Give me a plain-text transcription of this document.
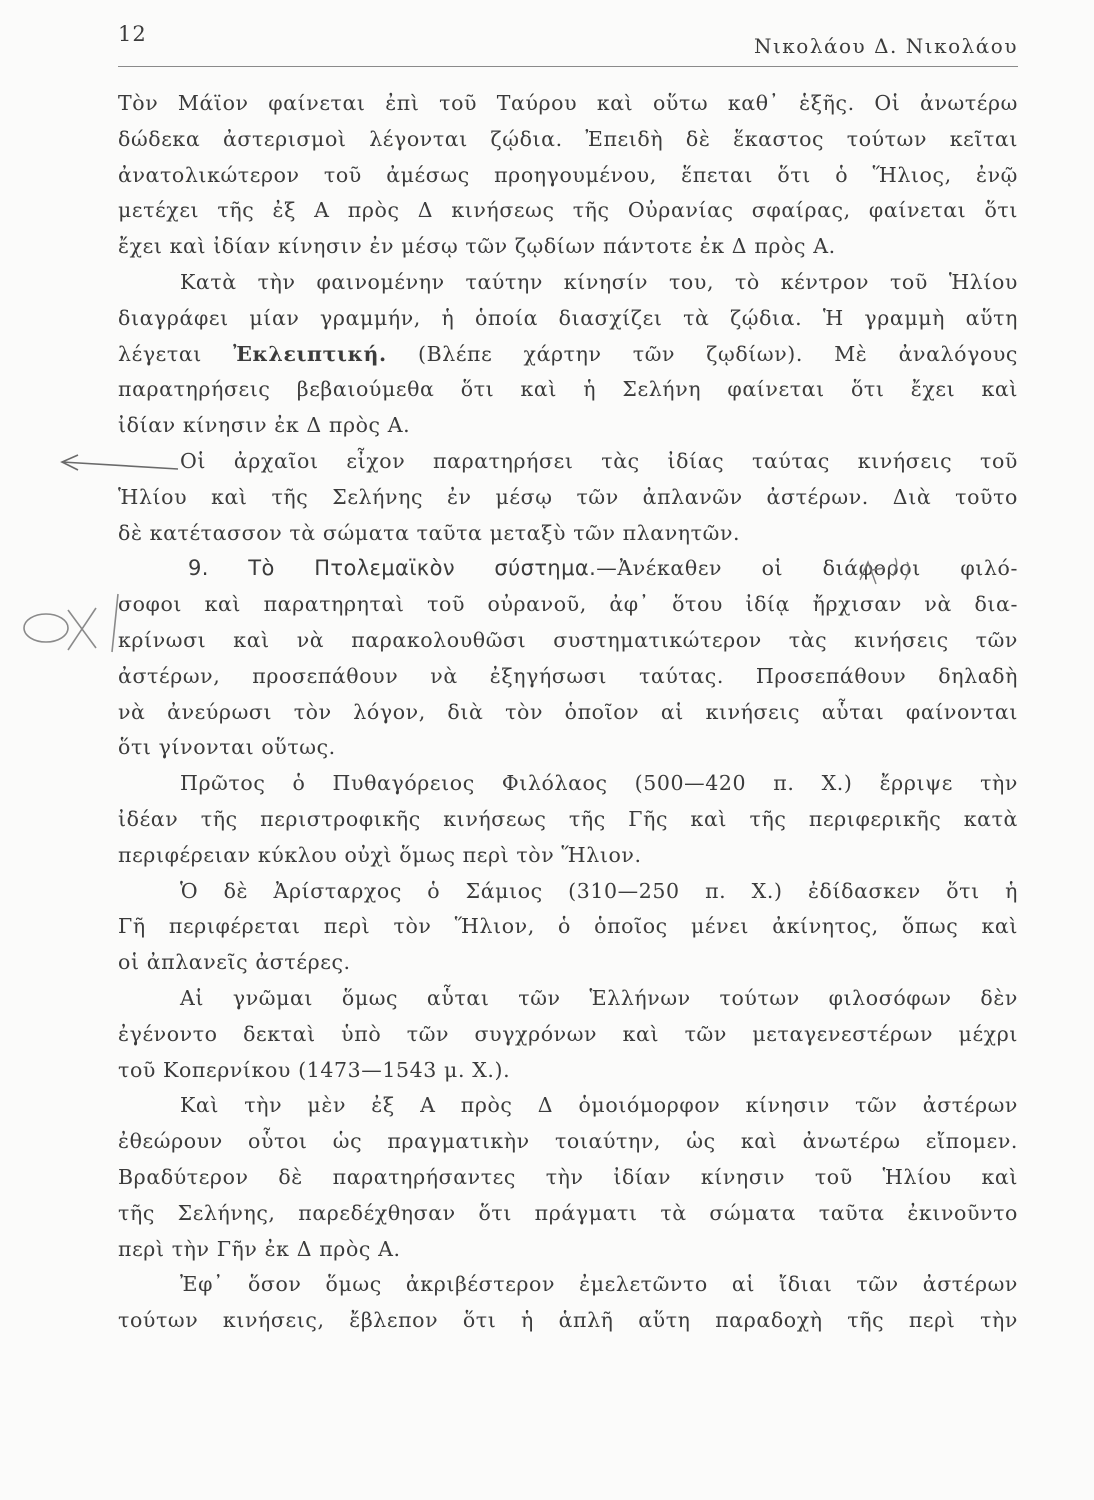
12	Νικολάου Δ. Νικολάου
Τὸν Μάϊον φαίνεται ἐπὶ τοῦ Ταύρου καὶ οὕτω καθ᾽ ἑξῆς. Οἱ ἀνωτέρω
δώδεκα ἀστερισμοὶ λέγονται ζῴδια. Ἐπειδὴ δὲ ἕκαστος τούτων κεῖται
ἀνατολικώτερον τοῦ ἀμέσως προηγουμένου, ἕπεται ὅτι ὁ Ἥλιος, ἐνῷ
μετέχει τῆς ἐξ Α πρὸς Δ κινήσεως τῆς Οὐρανίας σφαίρας, φαίνεται ὅτι
ἔχει καὶ ἰδίαν κίνησιν ἐν μέσῳ τῶν ζῳδίων πάντοτε ἐκ Δ πρὸς Α.
Κατὰ τὴν φαινομένην ταύτην κίνησίν του, τὸ κέντρον τοῦ Ἡλίου
διαγράφει μίαν γραμμήν, ἡ ὁποία διασχίζει τὰ ζῴδια. Ἡ γραμμὴ αὕτη
λέγεται Ἐκλειπτική. (Βλέπε χάρτην τῶν ζῳδίων). Μὲ ἀναλόγους
παρατηρήσεις βεβαιούμεθα ὅτι καὶ ἡ Σελήνη φαίνεται ὅτι ἔχει καὶ
ἰδίαν κίνησιν ἐκ Δ πρὸς Α.
Οἱ ἀρχαῖοι εἶχον παρατηρήσει τὰς ἰδίας ταύτας κινήσεις τοῦ
Ἡλίου καὶ τῆς Σελήνης ἐν μέσῳ τῶν ἀπλανῶν ἀστέρων. Διὰ τοῦτο
δὲ κατέτασσον τὰ σώματα ταῦτα μεταξὺ τῶν πλανητῶν.
9. Τὸ Πτολεμαϊκὸν σύστημα.—Ἀνέκαθεν οἱ διάφοροι φιλό-
σοφοι καὶ παρατηρηταὶ τοῦ οὐρανοῦ, ἀφ᾽ ὅτου ἰδίᾳ ἤρχισαν νὰ δια-
κρίνωσι καὶ νὰ παρακολουθῶσι συστηματικώτερον τὰς κινήσεις τῶν
ἀστέρων, προσεπάθουν νὰ ἐξηγήσωσι ταύτας. Προσεπάθουν δηλαδὴ
νὰ ἀνεύρωσι τὸν λόγον, διὰ τὸν ὁποῖον αἱ κινήσεις αὗται φαίνονται
ὅτι γίνονται οὕτως.
Πρῶτος ὁ Πυθαγόρειος Φιλόλαος (500—420 π. Χ.) ἔρριψε τὴν
ἰδέαν τῆς περιστροφικῆς κινήσεως τῆς Γῆς καὶ τῆς περιφερικῆς κατὰ
περιφέρειαν κύκλου οὐχὶ ὅμως περὶ τὸν Ἥλιον.
Ὁ δὲ Ἀρίσταρχος ὁ Σάμιος (310—250 π. Χ.) ἐδίδασκεν ὅτι ἡ
Γῆ περιφέρεται περὶ τὸν Ἥλιον, ὁ ὁποῖος μένει ἀκίνητος, ὅπως καὶ
οἱ ἀπλανεῖς ἀστέρες.
Αἱ γνῶμαι ὅμως αὗται τῶν Ἑλλήνων τούτων φιλοσόφων δὲν
ἐγένοντο δεκταὶ ὑπὸ τῶν συγχρόνων καὶ τῶν μεταγενεστέρων μέχρι
τοῦ Κοπερνίκου (1473—1543 μ. Χ.).
Καὶ τὴν μὲν ἐξ Α πρὸς Δ ὁμοιόμορφον κίνησιν τῶν ἀστέρων
ἐθεώρουν οὗτοι ὡς πραγματικὴν τοιαύτην, ὡς καὶ ἀνωτέρω εἴπομεν.
Βραδύτερον δὲ παρατηρήσαντες τὴν ἰδίαν κίνησιν τοῦ Ἡλίου καὶ
τῆς Σελήνης, παρεδέχθησαν ὅτι πράγματι τὰ σώματα ταῦτα ἐκινοῦντο
περὶ τὴν Γῆν ἐκ Δ πρὸς Α.
Ἐφ᾽ ὅσον ὅμως ἀκριβέστερον ἐμελετῶντο αἱ ἴδιαι τῶν ἀστέρων
τούτων κινήσεις, ἔβλεπον ὅτι ἡ ἁπλῆ αὕτη παραδοχὴ τῆς περὶ τὴν
